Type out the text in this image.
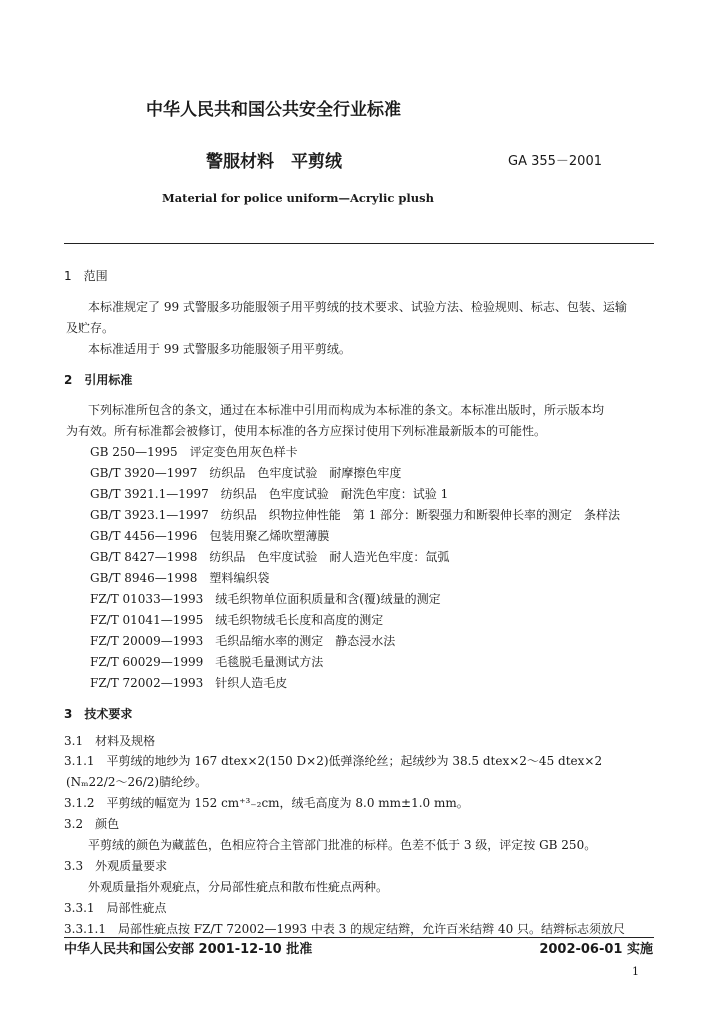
中华人民共和国公共安全行业标准
警服材料　平剪绒	GA 355－2001
Material for police uniform—Acrylic plush
1　范围
本标准规定了 99 式警服多功能服领子用平剪绒的技术要求、试验方法、检验规则、标志、包装、运输
及贮存。
本标准适用于 99 式警服多功能服领子用平剪绒。
2　引用标准
下列标准所包含的条文，通过在本标准中引用而构成为本标准的条文。本标准出版时，所示版本均
为有效。所有标准都会被修订，使用本标准的各方应探讨使用下列标准最新版本的可能性。
GB 250—1995　评定变色用灰色样卡
GB/T 3920—1997　纺织品　色牢度试验　耐摩擦色牢度
GB/T 3921.1—1997　纺织品　色牢度试验　耐洗色牢度：试验 1
GB/T 3923.1—1997　纺织品　织物拉伸性能　第 1 部分：断裂强力和断裂伸长率的测定　条样法
GB/T 4456—1996　包装用聚乙烯吹塑薄膜
GB/T 8427—1998　纺织品　色牢度试验　耐人造光色牢度：氙弧
GB/T 8946—1998　塑料编织袋
FZ/T 01033—1993　绒毛织物单位面积质量和含(覆)绒量的测定
FZ/T 01041—1995　绒毛织物绒毛长度和高度的测定
FZ/T 20009—1993　毛织品缩水率的测定　静态浸水法
FZ/T 60029—1999　毛毯脱毛量测试方法
FZ/T 72002—1993　针织人造毛皮
3　技术要求
3.1　材料及规格
3.1.1　平剪绒的地纱为 167 dtex×2(150 D×2)低弹涤纶丝；起绒纱为 38.5 dtex×2～45 dtex×2
(Nₘ22/2～26/2)腈纶纱。
3.1.2　平剪绒的幅宽为 152 cm⁺³₋₂cm，绒毛高度为 8.0 mm±1.0 mm。
3.2　颜色
平剪绒的颜色为藏蓝色，色相应符合主管部门批准的标样。色差不低于 3 级，评定按 GB 250。
3.3　外观质量要求
外观质量指外观疵点，分局部性疵点和散布性疵点两种。
3.3.1　局部性疵点
3.3.1.1　局部性疵点按 FZ/T 72002—1993 中表 3 的规定结辫，允许百米结辫 40 只。结辫标志须放尺
中华人民共和国公安部 2001-12-10 批准	2002-06-01 实施
1
